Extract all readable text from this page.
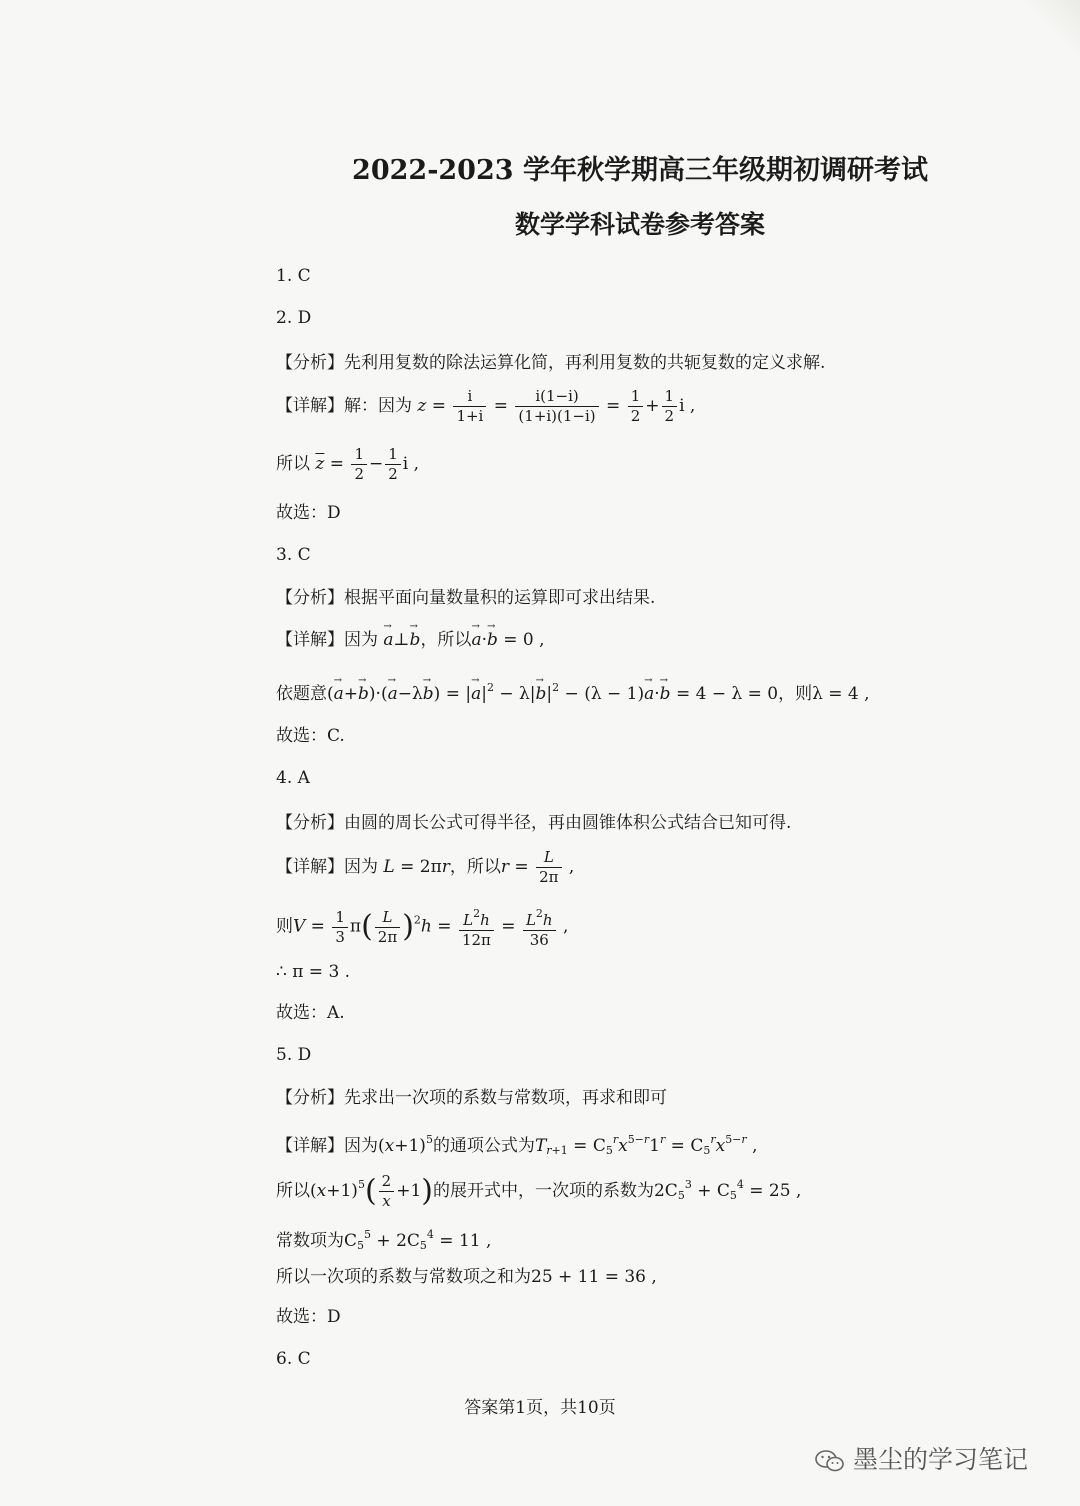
2022-2023 学年秋学期高三年级期初调研考试
数学学科试卷参考答案
1. C
2. D
【分析】先利用复数的除法运算化简，再利用复数的共轭复数的定义求解.
【详解】解：因为 $z = \frac{i}{1+i} = \frac{i(1-i)}{(1+i)(1-i)} = \frac{1}{2} + \frac{1}{2}$ i ,
所以 $\overline{z} = \frac{1}{2} - \frac{1}{2}$ i ,
故选：D
3. C
【分析】根据平面向量数量积的运算即可求出结果.
【详解】因为 → a⊥→ b，所以→ a·→ b = 0 ,
依题意(→ a+→ b)·(→ a−λ→ b) = |→ $a|^2 - \lambda|\to b|^2 - (\lambda - 1)\to a\cdot\to b = 4 - \lambda = 0$，则λ = 4 ,
故选：C.
4. A
【分析】由圆的周长公式可得半径，再由圆锥体积公式结合已知可得.
【详解】因为 L = 2πr，所以$r = \frac{L}{2\pi}$ ,
则$V = \frac{1}{3} \pi( \frac{L}{2\pi} )^2h = \frac{L^2h}{12\pi} = \frac{L^2h}{36}$ ,
∴ π = 3 .
故选：A.
5. D
【分析】先求出一次项的系数与常数项，再求和即可
【详解】因为$(x+1)^5$的通项公式为$T_{r+1} = C_5^rx^{5-r}1^r = C_5^rx^{5-r}$ ,
所以$(x+1)^5( \frac{2}{x} +1)$的展开式中，一次项的系数为$2C_5^3 + C_5^4 = 25$ ,
常数项为$C_5^5 + 2C_5^4 = 11$ ,
所以一次项的系数与常数项之和为25 + 11 = 36 ,
故选：D
6. C
答案第1页，共10页
墨尘的学习笔记
